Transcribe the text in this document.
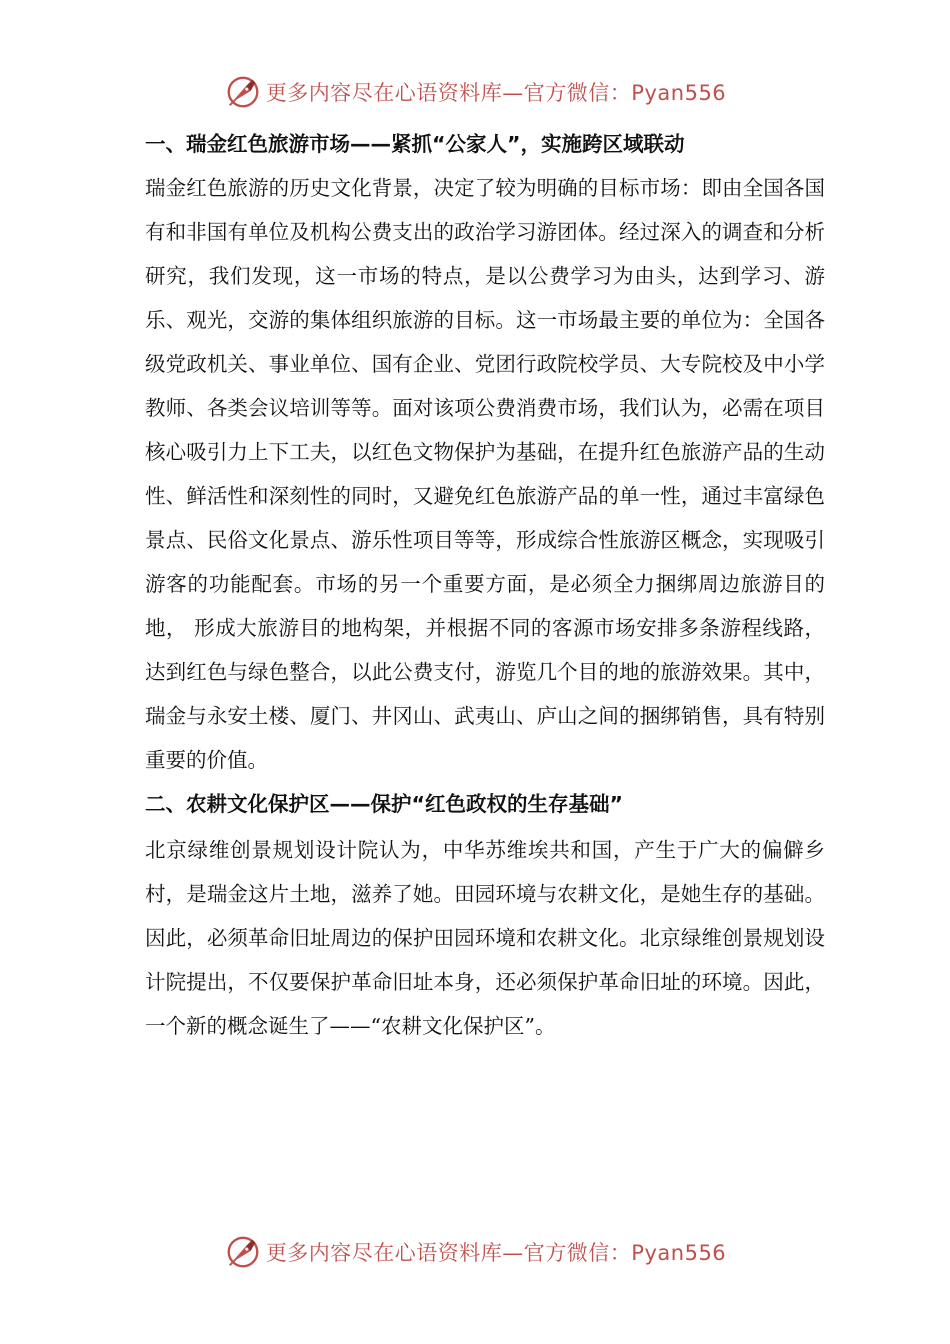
更多内容尽在心语资料库—官方微信：Pyan556
一、瑞金红色旅游市场——紧抓“公家人”，实施跨区域联动

瑞金红色旅游的历史文化背景，决定了较为明确的目标市场：即由全国各国有和非国有单位及机构公费支出的政治学习游团体。经过深入的调查和分析研究，我们发现，这一市场的特点，是以公费学习为由头，达到学习、游乐、观光，交游的集体组织旅游的目标。这一市场最主要的单位为：全国各级党政机关、事业单位、国有企业、党团行政院校学员、大专院校及中小学教师、各类会议培训等等。面对该项公费消费市场，我们认为，必需在项目核心吸引力上下工夫，以红色文物保护为基础，在提升红色旅游产品的生动性、鲜活性和深刻性的同时，又避免红色旅游产品的单一性，通过丰富绿色景点、民俗文化景点、游乐性项目等等，形成综合性旅游区概念，实现吸引游客的功能配套。市场的另一个重要方面，是必须全力捆绑周边旅游目的地， 形成大旅游目的地构架，并根据不同的客源市场安排多条游程线路， 达到红色与绿色整合，以此公费支付，游览几个目的地的旅游效果。其中，瑞金与永安土楼、厦门、井冈山、武夷山、庐山之间的捆绑销售，具有特别重要的价值。

二、农耕文化保护区——保护“红色政权的生存基础”

北京绿维创景规划设计院认为，中华苏维埃共和国，产生于广大的偏僻乡村，是瑞金这片土地，滋养了她。田园环境与农耕文化，是她生存的基础。因此，必须革命旧址周边的保护田园环境和农耕文化。北京绿维创景规划设计院提出，不仅要保护革命旧址本身，还必须保护革命旧址的环境。因此，一个新的概念诞生了——“农耕文化保护区”。

更多内容尽在心语资料库—官方微信：Pyan556
